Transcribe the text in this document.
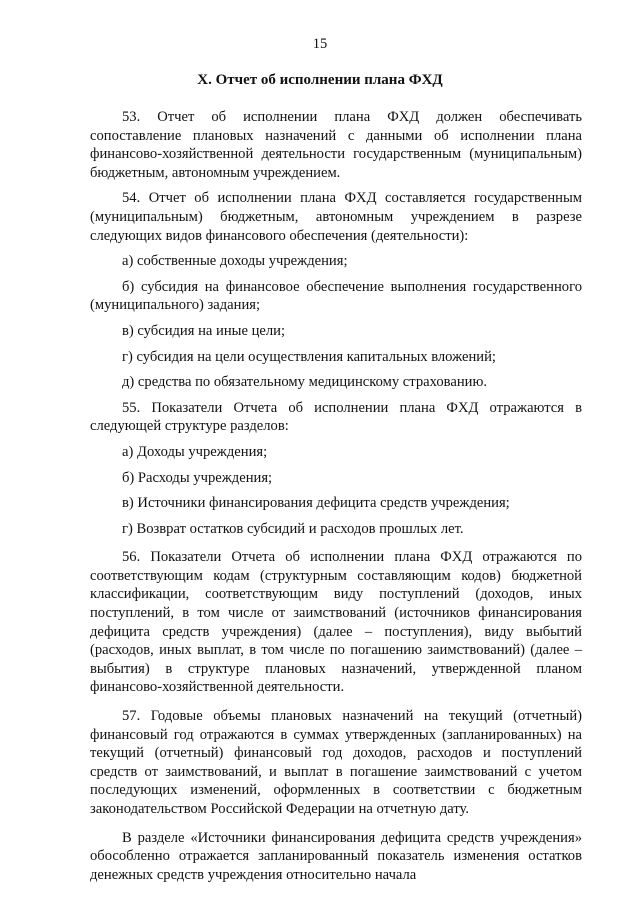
15
X. Отчет об исполнении плана ФХД

53. Отчет об исполнении плана ФХД должен обеспечивать сопоставление плановых назначений с данными об исполнении плана финансово-хозяйственной деятельности государственным (муниципальным) бюджетным, автономным учреждением.

54. Отчет об исполнении плана ФХД составляется государственным (муниципальным) бюджетным, автономным учреждением в разрезе следующих видов финансового обеспечения (деятельности):

а) собственные доходы учреждения;

б) субсидия на финансовое обеспечение выполнения государственного (муниципального) задания;

в) субсидия на иные цели;

г) субсидия на цели осуществления капитальных вложений;

д) средства по обязательному медицинскому страхованию.

55. Показатели Отчета об исполнении плана ФХД отражаются в следующей структуре разделов:

а) Доходы учреждения;

б) Расходы учреждения;

в) Источники финансирования дефицита средств учреждения;

г) Возврат остатков субсидий и расходов прошлых лет.

56. Показатели Отчета об исполнении плана ФХД отражаются по соответствующим кодам (структурным составляющим кодов) бюджетной классификации, соответствующим виду поступлений (доходов, иных поступлений, в том числе от заимствований (источников финансирования дефицита средств учреждения) (далее – поступления), виду выбытий (расходов, иных выплат, в том числе по погашению заимствований) (далее – выбытия) в структуре плановых назначений, утвержденной планом финансово-хозяйственной деятельности.

57. Годовые объемы плановых назначений на текущий (отчетный) финансовый год отражаются в суммах утвержденных (запланированных) на текущий (отчетный) финансовый год доходов, расходов и поступлений средств от заимствований, и выплат в погашение заимствований с учетом последующих изменений, оформленных в соответствии с бюджетным законодательством Российской Федерации на отчетную дату.

В разделе «Источники финансирования дефицита средств учреждения» обособленно отражается запланированный показатель изменения остатков денежных средств учреждения относительно начала
